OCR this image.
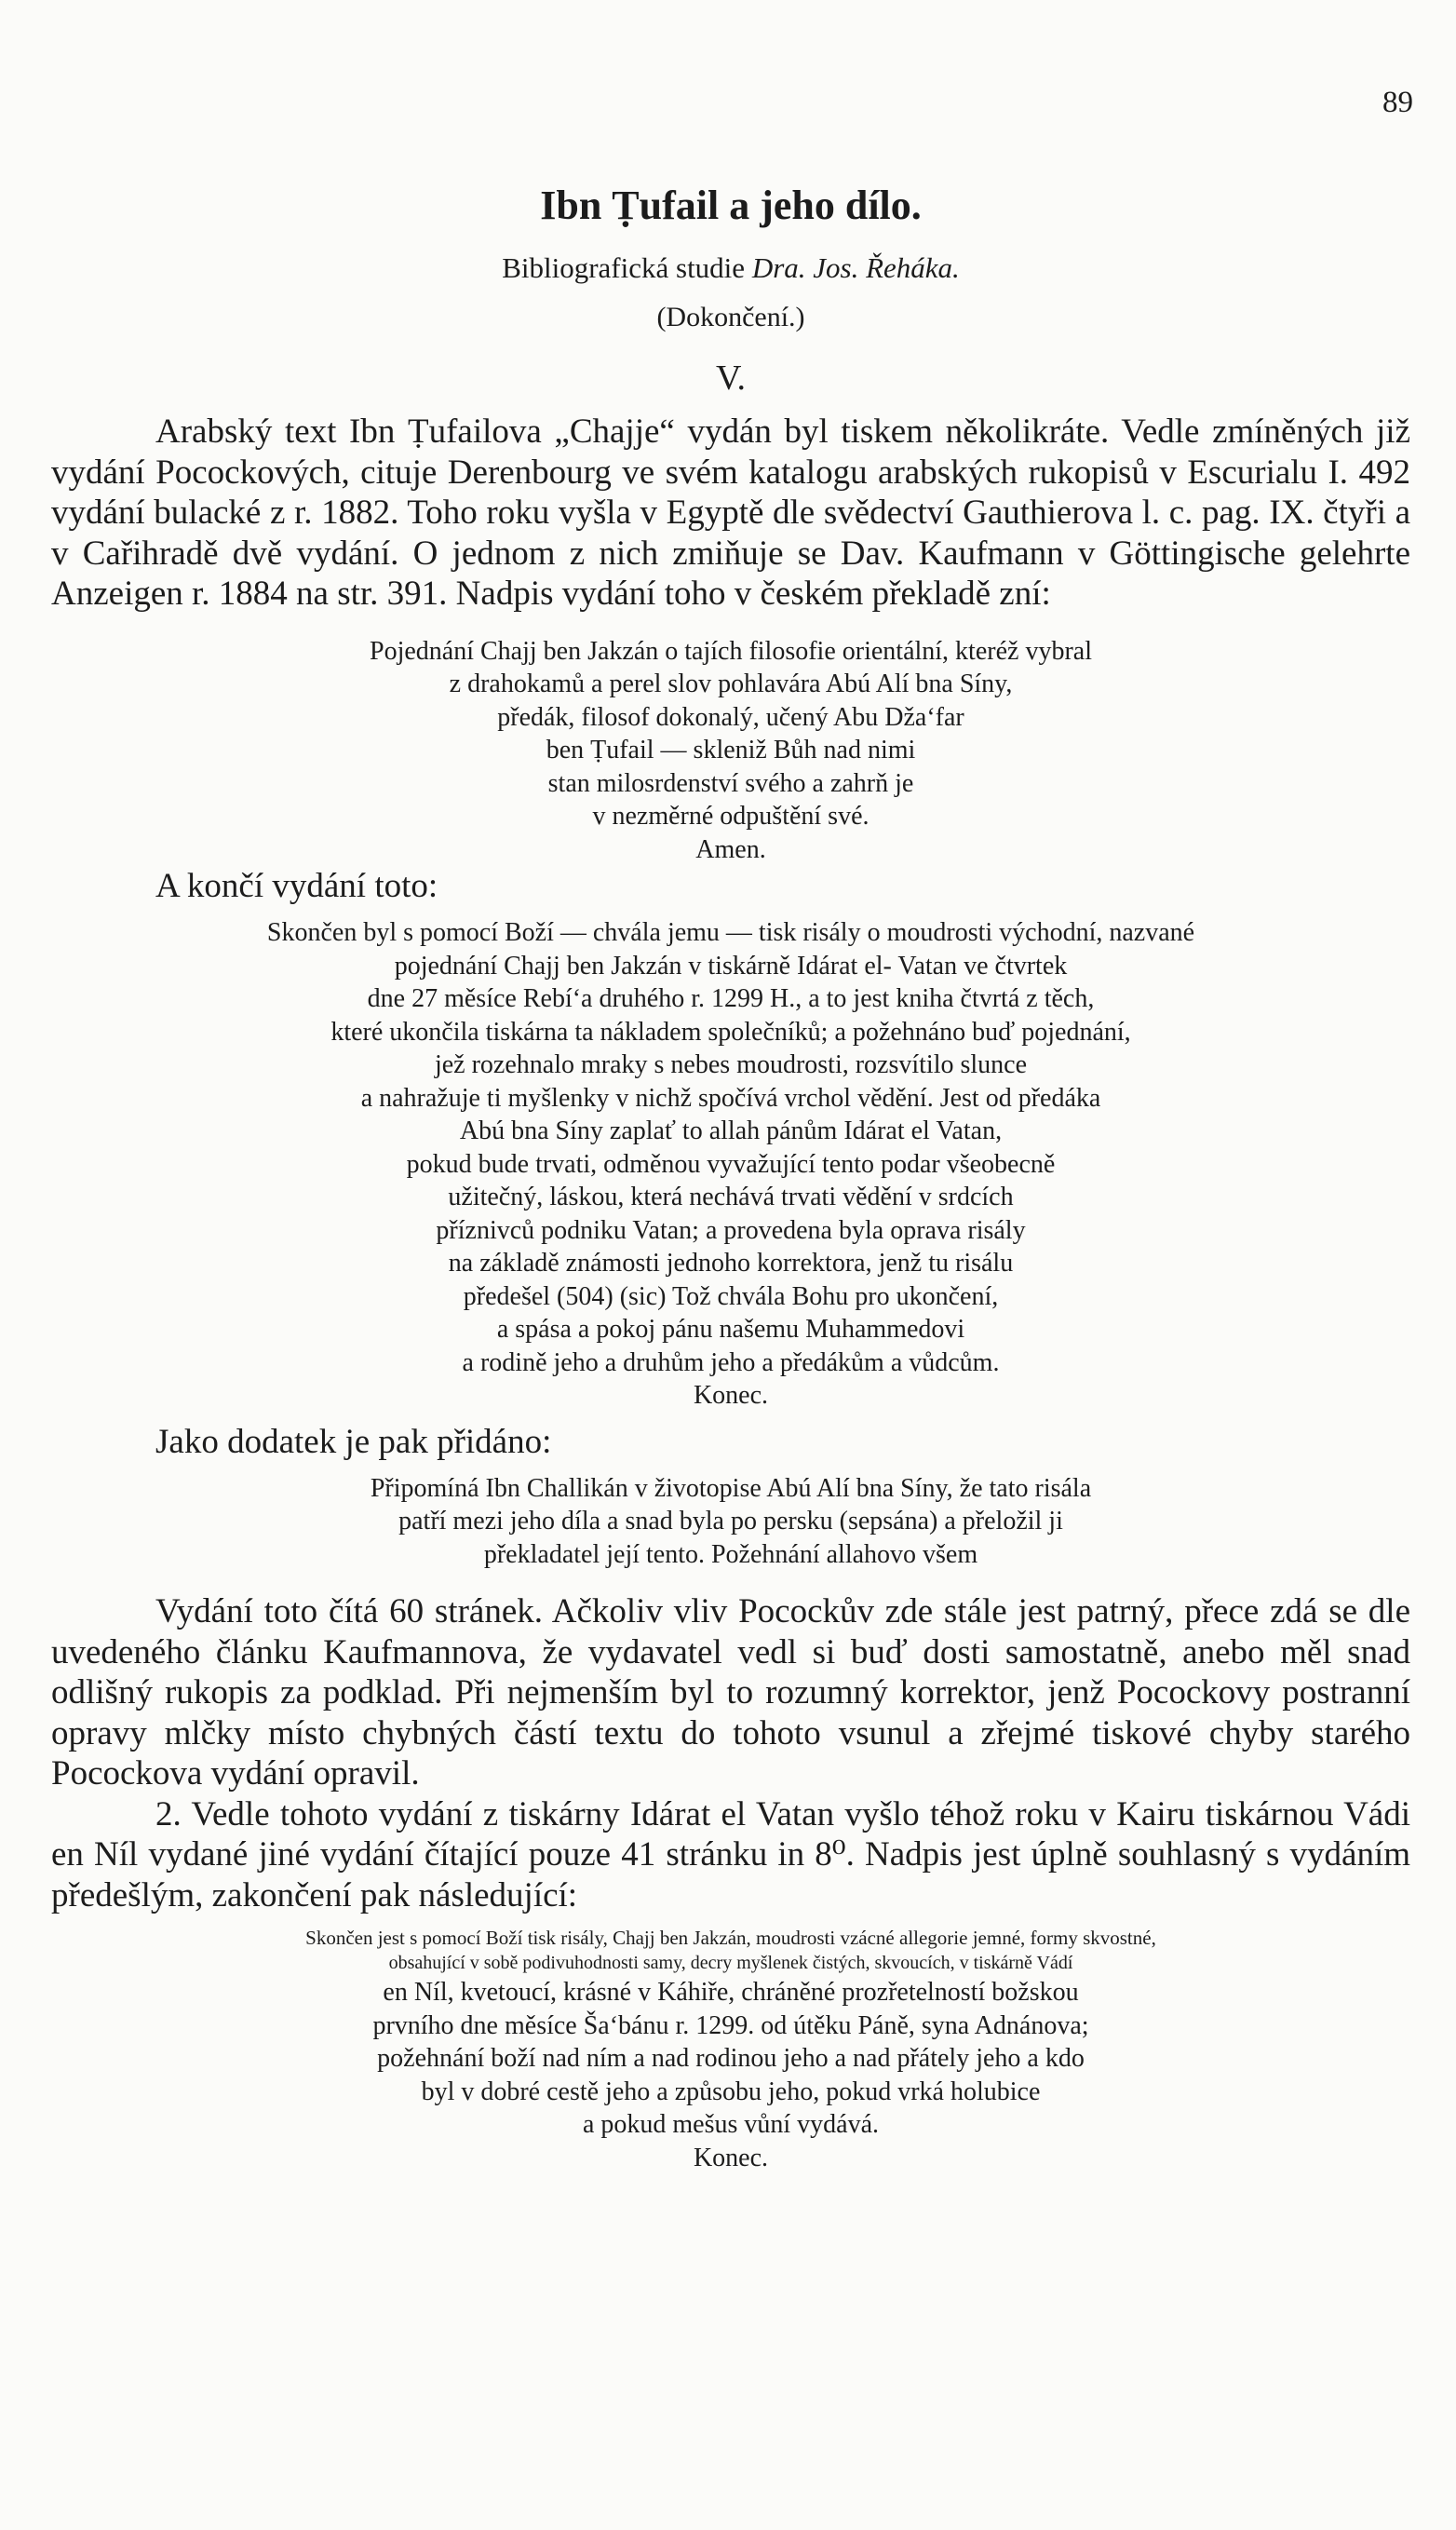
89
Ibn Ṭufail a jeho dílo.
Bibliografická studie Dra. Jos. Řeháka.
(Dokončení.)
V.

Arabský text Ibn Ṭufailova „Chajje“ vydán byl tiskem několikráte. Vedle zmíněných již vydání Pocockových, cituje Derenbourg ve svém katalogu arabských rukopisů v Escurialu I. 492 vydání bulacké z r. 1882. Toho roku vyšla v Egyptě dle svědectví Gauthierova l. c. pag. IX. čtyři a v Cařihradě dvě vydání. O jednom z nich zmiňuje se Dav. Kaufmann v Göttingische gelehrte Anzeigen r. 1884 na str. 391. Nadpis vydání toho v českém překladě zní:

Pojednání Chajj ben Jakzán o tajích filosofie orientální, kteréž vybral
z drahokamů a perel slov pohlavára Abú Alí bna Síny,
předák, filosof dokonalý, učený Abu Dža‘far
ben Ṭufail — skleniž Bůh nad nimi
stan milosrdenství svého a zahrň je
v nezměrné odpuštění své.
Amen.
A končí vydání toto:
Skončen byl s pomocí Boží — chvála jemu — tisk risály o moudrosti východní, nazvané
pojednání Chajj ben Jakzán v tiskárně Idárat el- Vatan ve čtvrtek
dne 27 měsíce Rebí‘a druhého r. 1299 H., a to jest kniha čtvrtá z těch,
které ukončila tiskárna ta nákladem společníků; a požehnáno buď pojednání,
jež rozehnalo mraky s nebes moudrosti, rozsvítilo slunce
a nahražuje ti myšlenky v nichž spočívá vrchol vědění. Jest od předáka
Abú bna Síny zaplať to allah pánům Idárat el Vatan,
pokud bude trvati, odměnou vyvažující tento podar všeobecně
užitečný, láskou, která nechává trvati vědění v srdcích
příznivců podniku Vatan; a provedena byla oprava risály
na základě známosti jednoho korrektora, jenž tu risálu
předešel (504) (sic) Tož chvála Bohu pro ukončení,
a spása a pokoj pánu našemu Muhammedovi
a rodině jeho a druhům jeho a předákům a vůdcům.
Konec.
Jako dodatek je pak přidáno:
Připomíná Ibn Challikán v životopise Abú Alí bna Síny, že tato risála
patří mezi jeho díla a snad byla po persku (sepsána) a přeložil ji
překladatel její tento. Požehnání allahovo všem

Vydání toto čítá 60 stránek. Ačkoliv vliv Pocockův zde stále jest patrný, přece zdá se dle uvedeného článku Kaufmannova, že vydavatel vedl si buď dosti samostatně, anebo měl snad odlišný rukopis za podklad. Při nejmenším byl to rozumný korrektor, jenž Pocockovy postranní opravy mlčky místo chybných částí textu do tohoto vsunul a zřejmé tiskové chyby starého Pocockova vydání opravil.

2. Vedle tohoto vydání z tiskárny Idárat el Vatan vyšlo téhož roku v Kairu tiskárnou Vádi en Níl vydané jiné vydání čítající pouze 41 stránku in 8⁰. Nadpis jest úplně souhlasný s vydáním předešlým, zakončení pak následující:

Skončen jest s pomocí Boží tisk risály, Chajj ben Jakzán, moudrosti vzácné allegorie jemné, formy skvostné,
obsahující v sobě podivuhodnosti samy, decry myšlenek čistých, skvoucích, v tiskárně Vádí
en Níl, kvetoucí, krásné v Káhiře, chráněné prozřetelností božskou
prvního dne měsíce Ša‘bánu r. 1299. od útěku Páně, syna Adnánova;
požehnání boží nad ním a nad rodinou jeho a nad přátely jeho a kdo
byl v dobré cestě jeho a způsobu jeho, pokud vrká holubice
a pokud mešus vůní vydává.
Konec.
